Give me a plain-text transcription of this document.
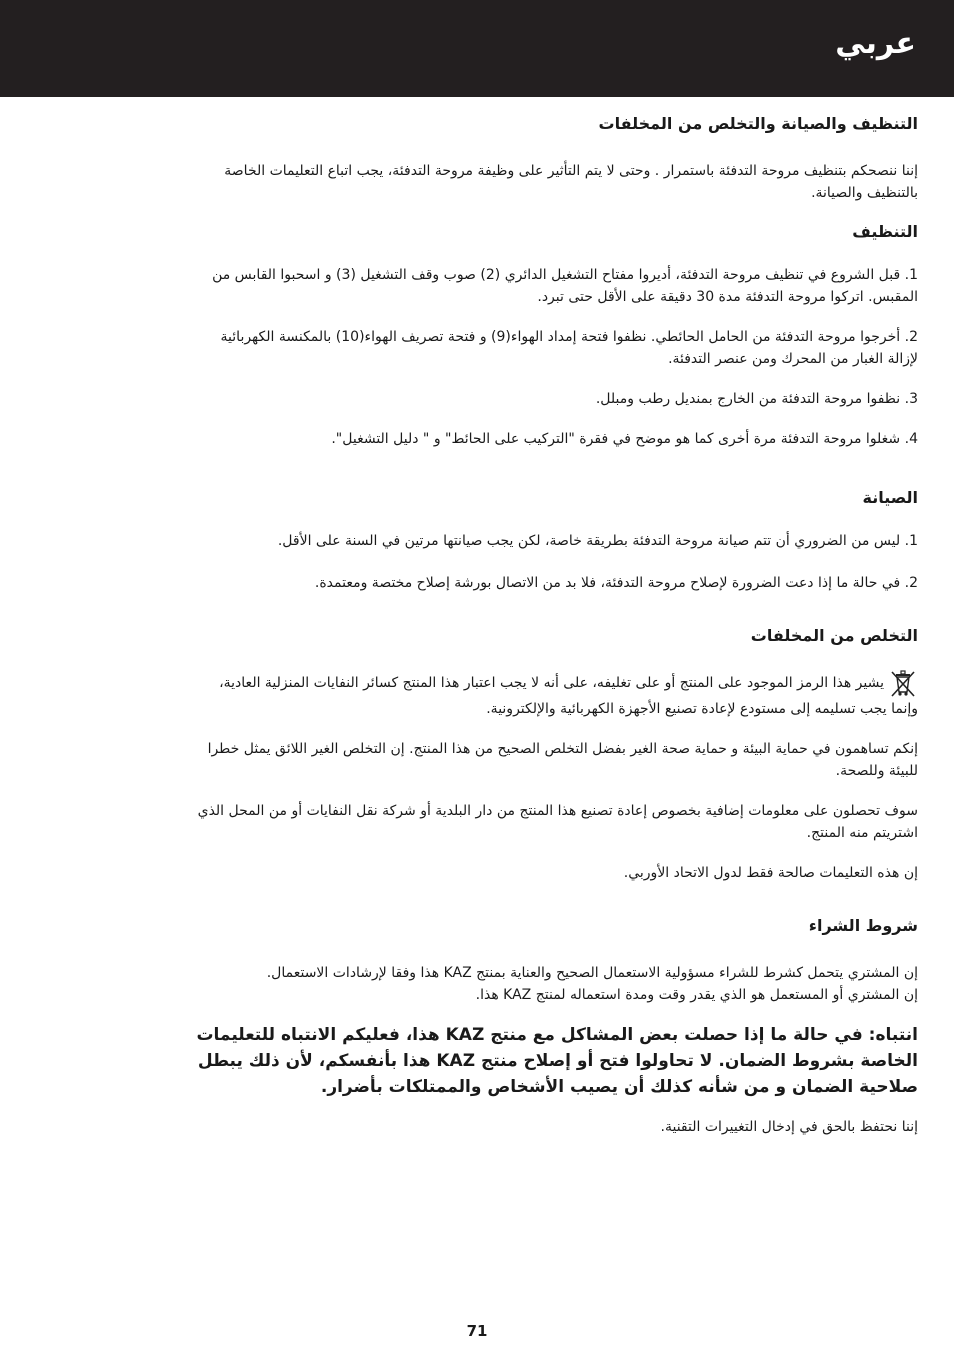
عربي
التنظيف والصيانة والتخلص من المخلفات

إننا ننصحكم بتنظيف مروحة التدفئة باستمرار . وحتى لا يتم التأثير على وظيفة مروحة التدفئة، يجب اتباع التعليمات الخاصة بالتنظيف والصيانة.

التنظيف

1. قبل الشروع في تنظيف مروحة التدفئة، أديروا مفتاح التشغيل الدائري (2) صوب وقف التشغيل (3) و اسحبوا القابس من المقبس. اتركوا مروحة التدفئة مدة 30 دقيقة على الأقل حتى تبرد.

2. أخرجوا مروحة التدفئة من الحامل الحائطي. نظفوا فتحة إمداد الهواء(9) و فتحة تصريف الهواء(10) بالمكنسة الكهربائية لإزالة الغبار من المحرك ومن عنصر التدفئة.

3. نظفوا مروحة التدفئة من الخارج بمنديل رطب ومبلل.

4. شغلوا مروحة التدفئة مرة أخرى كما هو موضح في فقرة "التركيب على الحائط" و " دليل التشغيل".

الصيانة

1. ليس من الضروري أن تتم صيانة مروحة التدفئة بطريقة خاصة، لكن يجب صيانتها مرتين في السنة على الأقل.

2. في حالة ما إذا دعت الضرورة لإصلاح مروحة التدفئة، فلا بد من الاتصال بورشة إصلاح مختصة ومعتمدة.

التخلص من المخلفات

يشير هذا الرمز الموجود على المنتج أو على تغليفه، على أنه لا يجب اعتبار هذا المنتج كسائر النفايات المنزلية العادية، وإنما يجب تسليمه إلى مستودع لإعادة تصنيع الأجهزة الكهربائية والإلكترونية.

إنكم تساهمون في حماية البيئة و حماية صحة الغير بفضل التخلص الصحيح من هذا المنتج. إن التخلص الغير اللائق يمثل خطرا للبيئة وللصحة.

سوف تحصلون على معلومات إضافية بخصوص إعادة تصنيع هذا المنتج من دار البلدية أو شركة نقل النفايات أو من المحل الذي اشتريتم منه المنتج.

إن هذه التعليمات صالحة فقط لدول الاتحاد الأوربي.

شروط الشراء

إن المشتري يتحمل كشرط للشراء مسؤولية الاستعمال الصحيح والعناية بمنتج KAZ هذا وفقا لإرشادات الاستعمال.

إن المشتري أو المستعمل هو الذي يقدر وقت ومدة استعماله لمنتج KAZ هذا.

انتباه: في حالة ما إذا حصلت بعض المشاكل مع منتج KAZ هذا، فعليكم الانتباه للتعليمات الخاصة بشروط الضمان. لا تحاولوا فتح أو إصلاح منتج KAZ هذا بأنفسكم، لأن ذلك يبطل صلاحية الضمان و من شأنه كذلك أن يصيب الأشخاص والممتلكات بأضرار.

إننا نحتفظ بالحق في إدخال التغييرات التقنية.

71
